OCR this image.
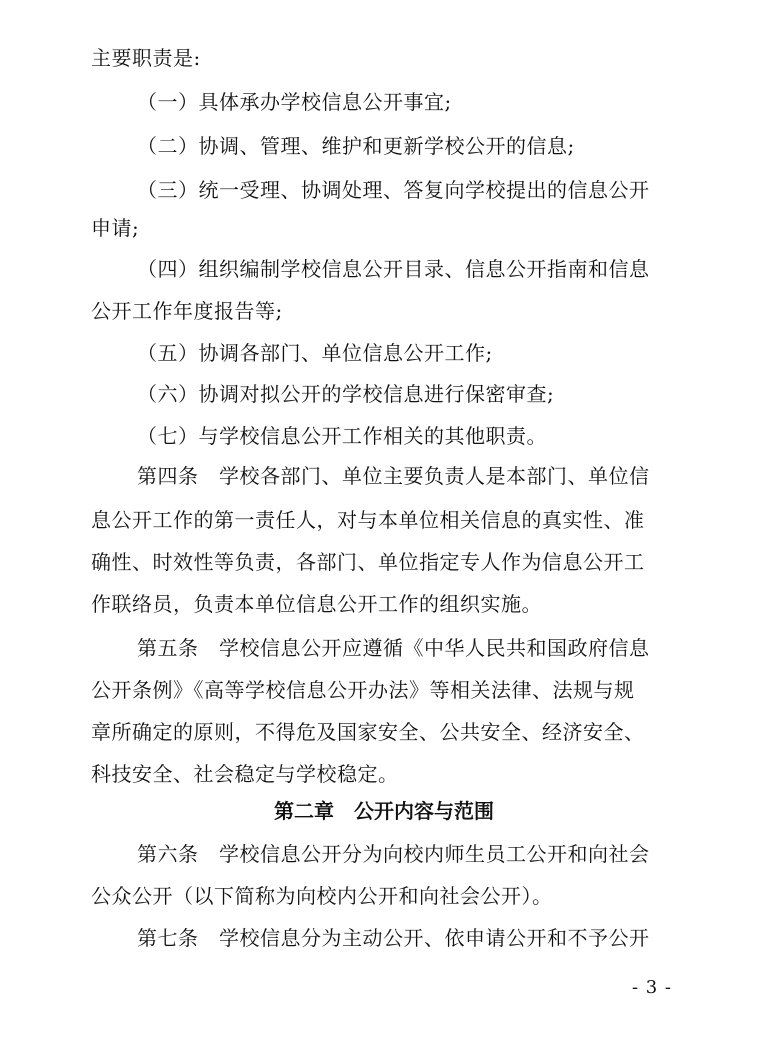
主要职责是:
（一）具体承办学校信息公开事宜;
（二）协调、管理、维护和更新学校公开的信息;
（三）统一受理、协调处理、答复向学校提出的信息公开
申请;
（四）组织编制学校信息公开目录、信息公开指南和信息
公开工作年度报告等;
（五）协调各部门、单位信息公开工作;
（六）协调对拟公开的学校信息进行保密审查;
（七）与学校信息公开工作相关的其他职责。
第四条　学校各部门、单位主要负责人是本部门、单位信
息公开工作的第一责任人，对与本单位相关信息的真实性、准
确性、时效性等负责，各部门、单位指定专人作为信息公开工
作联络员，负责本单位信息公开工作的组织实施。
第五条　学校信息公开应遵循《中华人民共和国政府信息
公开条例》《高等学校信息公开办法》等相关法律、法规与规
章所确定的原则，不得危及国家安全、公共安全、经济安全、
科技安全、社会稳定与学校稳定。
第二章　公开内容与范围
第六条　学校信息公开分为向校内师生员工公开和向社会
公众公开（以下简称为向校内公开和向社会公开）。
第七条　学校信息分为主动公开、依申请公开和不予公开
- 3 -
